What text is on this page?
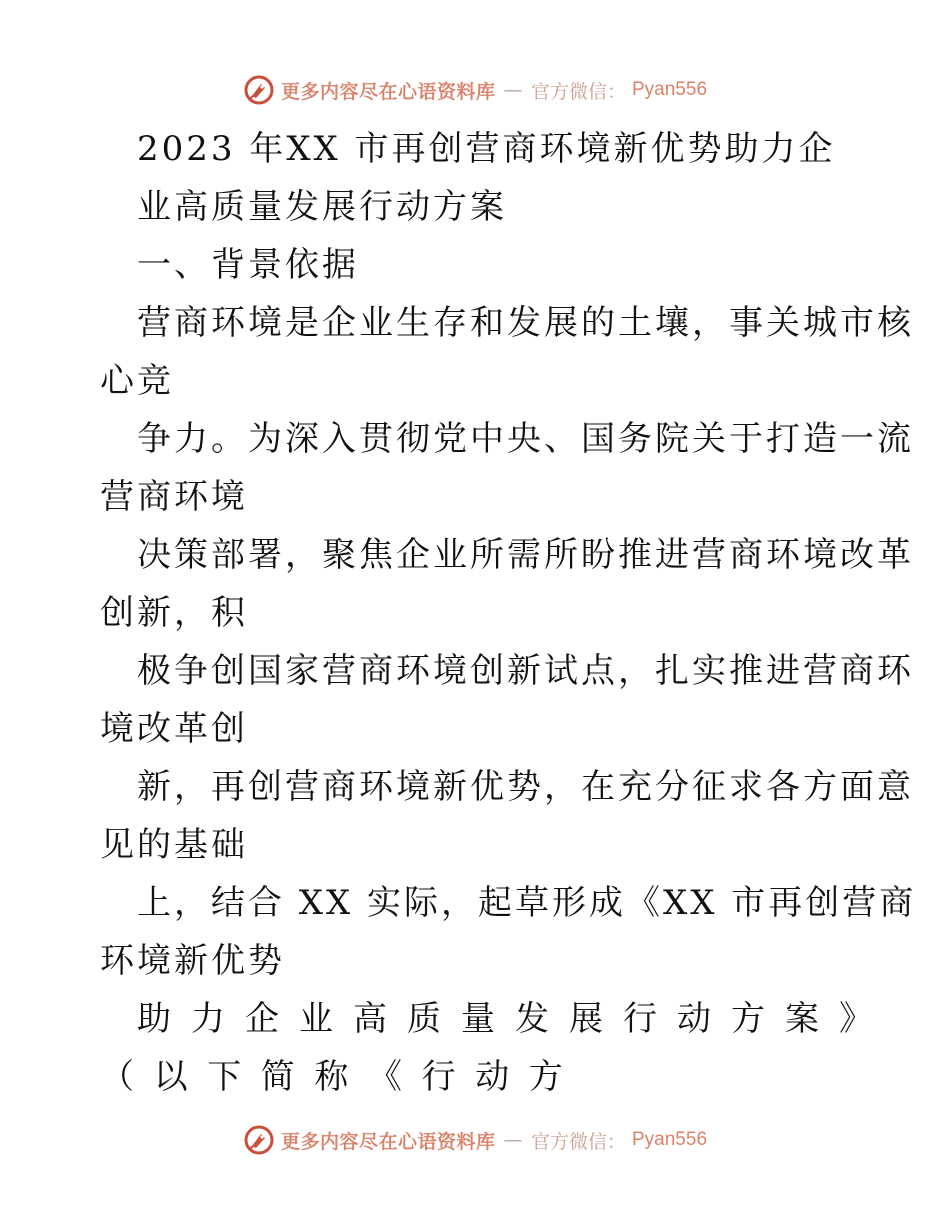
更多内容尽在心语资料库 — 官方微信： Pyan556
2023 年XX 市再创营商环境新优势助力企
业高质量发展行动方案
一、背景依据
营商环境是企业生存和发展的土壤，事关城市核
心竞
争力。为深入贯彻党中央、国务院关于打造一流
营商环境
决策部署，聚焦企业所需所盼推进营商环境改革
创新，积
极争创国家营商环境创新试点，扎实推进营商环
境改革创
新，再创营商环境新优势，在充分征求各方面意
见的基础
上，结合 XX 实际，起草形成《XX 市再创营商
环境新优势
助力企业高质量发展行动方案》
（以下简称《行动方
更多内容尽在心语资料库 — 官方微信： Pyan556
